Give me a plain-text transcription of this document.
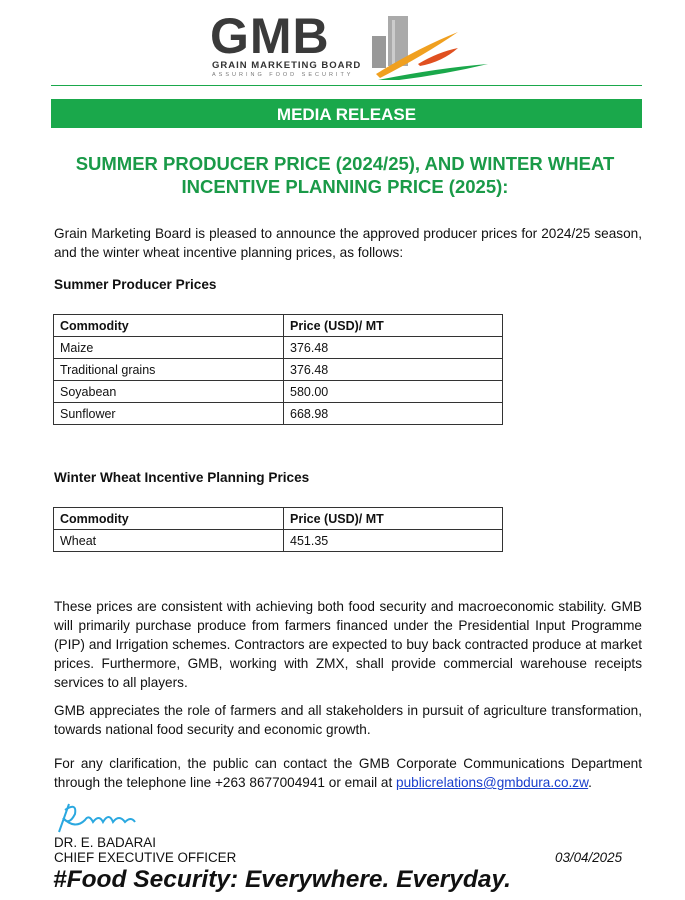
GMB
GRAIN MARKETING BOARD
ASSURING FOOD SECURITY
MEDIA RELEASE
SUMMER PRODUCER PRICE (2024/25), AND WINTER WHEAT INCENTIVE PLANNING PRICE (2025):
Grain Marketing Board is pleased to announce the approved producer prices for 2024/25 season, and the winter wheat incentive planning prices, as follows:
Summer Producer Prices
Commodity	Price (USD)/ MT
Maize	376.48
Traditional grains	376.48
Soyabean	580.00
Sunflower	668.98
Winter Wheat Incentive Planning Prices
Commodity	Price (USD)/ MT
Wheat	451.35
These prices are consistent with achieving both food security and macroeconomic stability. GMB will primarily purchase produce from farmers financed under the Presidential Input Programme (PIP) and Irrigation schemes. Contractors are expected to buy back contracted produce at market prices. Furthermore, GMB, working with ZMX, shall provide commercial warehouse receipts services to all players.
GMB appreciates the role of farmers and all stakeholders in pursuit of agriculture transformation, towards national food security and economic growth.
For any clarification, the public can contact the GMB Corporate Communications Department through the telephone line +263 8677004941 or email at publicrelations@gmbdura.co.zw.
DR. E. BADARAI
CHIEF EXECUTIVE OFFICER	03/04/2025
#Food Security: Everywhere. Everyday.
